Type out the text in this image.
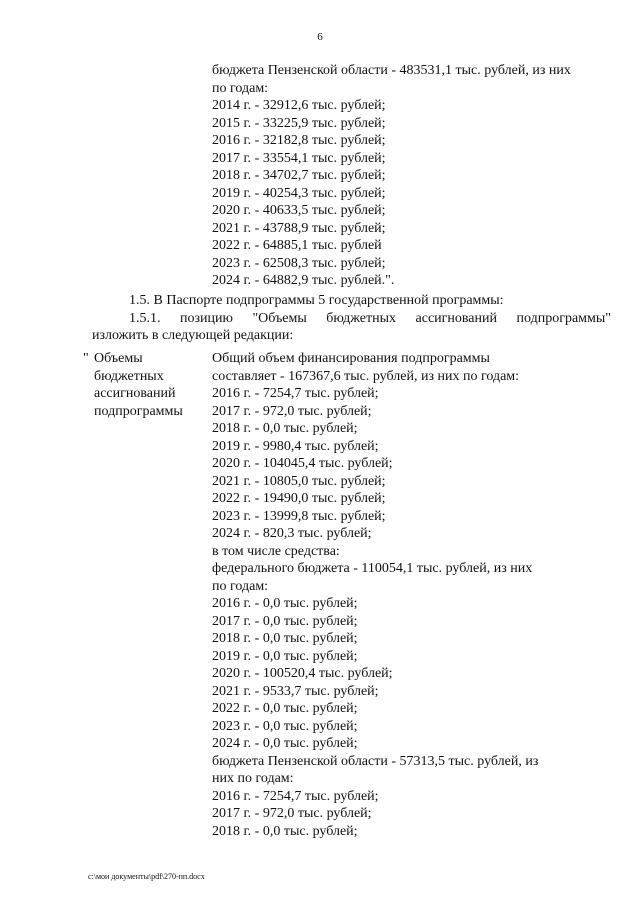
6
бюджета Пензенской области - 483531,1 тыс. рублей, из них
по годам:
2014 г. - 32912,6 тыс. рублей;
2015 г. - 33225,9 тыс. рублей;
2016 г. - 32182,8 тыс. рублей;
2017 г. - 33554,1 тыс. рублей;
2018 г. - 34702,7 тыс. рублей;
2019 г. - 40254,3 тыс. рублей;
2020 г. - 40633,5 тыс. рублей;
2021 г. - 43788,9 тыс. рублей;
2022 г. - 64885,1 тыс. рублей
2023 г. - 62508,3 тыс. рублей;
2024 г. - 64882,9 тыс. рублей.".
1.5. В Паспорте подпрограммы 5 государственной программы:
1.5.1. позицию "Объемы бюджетных ассигнований подпрограммы"
изложить в следующей редакции:
" Объемы
бюджетных
ассигнований
подпрограммы
Общий объем финансирования подпрограммы
составляет - 167367,6 тыс. рублей, из них по годам:
2016 г. - 7254,7 тыс. рублей;
2017 г. - 972,0 тыс. рублей;
2018 г. - 0,0 тыс. рублей;
2019 г. - 9980,4 тыс. рублей;
2020 г. - 104045,4 тыс. рублей;
2021 г. - 10805,0 тыс. рублей;
2022 г. - 19490,0 тыс. рублей;
2023 г. - 13999,8 тыс. рублей;
2024 г. - 820,3 тыс. рублей;
в том числе средства:
федерального бюджета - 110054,1 тыс. рублей, из них
по годам:
2016 г. - 0,0 тыс. рублей;
2017 г. - 0,0 тыс. рублей;
2018 г. - 0,0 тыс. рублей;
2019 г. - 0,0 тыс. рублей;
2020 г. - 100520,4 тыс. рублей;
2021 г. - 9533,7 тыс. рублей;
2022 г. - 0,0 тыс. рублей;
2023 г. - 0,0 тыс. рублей;
2024 г. - 0,0 тыс. рублей;
бюджета Пензенской области - 57313,5 тыс. рублей, из
них по годам:
2016 г. - 7254,7 тыс. рублей;
2017 г. - 972,0 тыс. рублей;
2018 г. - 0,0 тыс. рублей;
c:\мои документы\pdf\270-пп.docx
